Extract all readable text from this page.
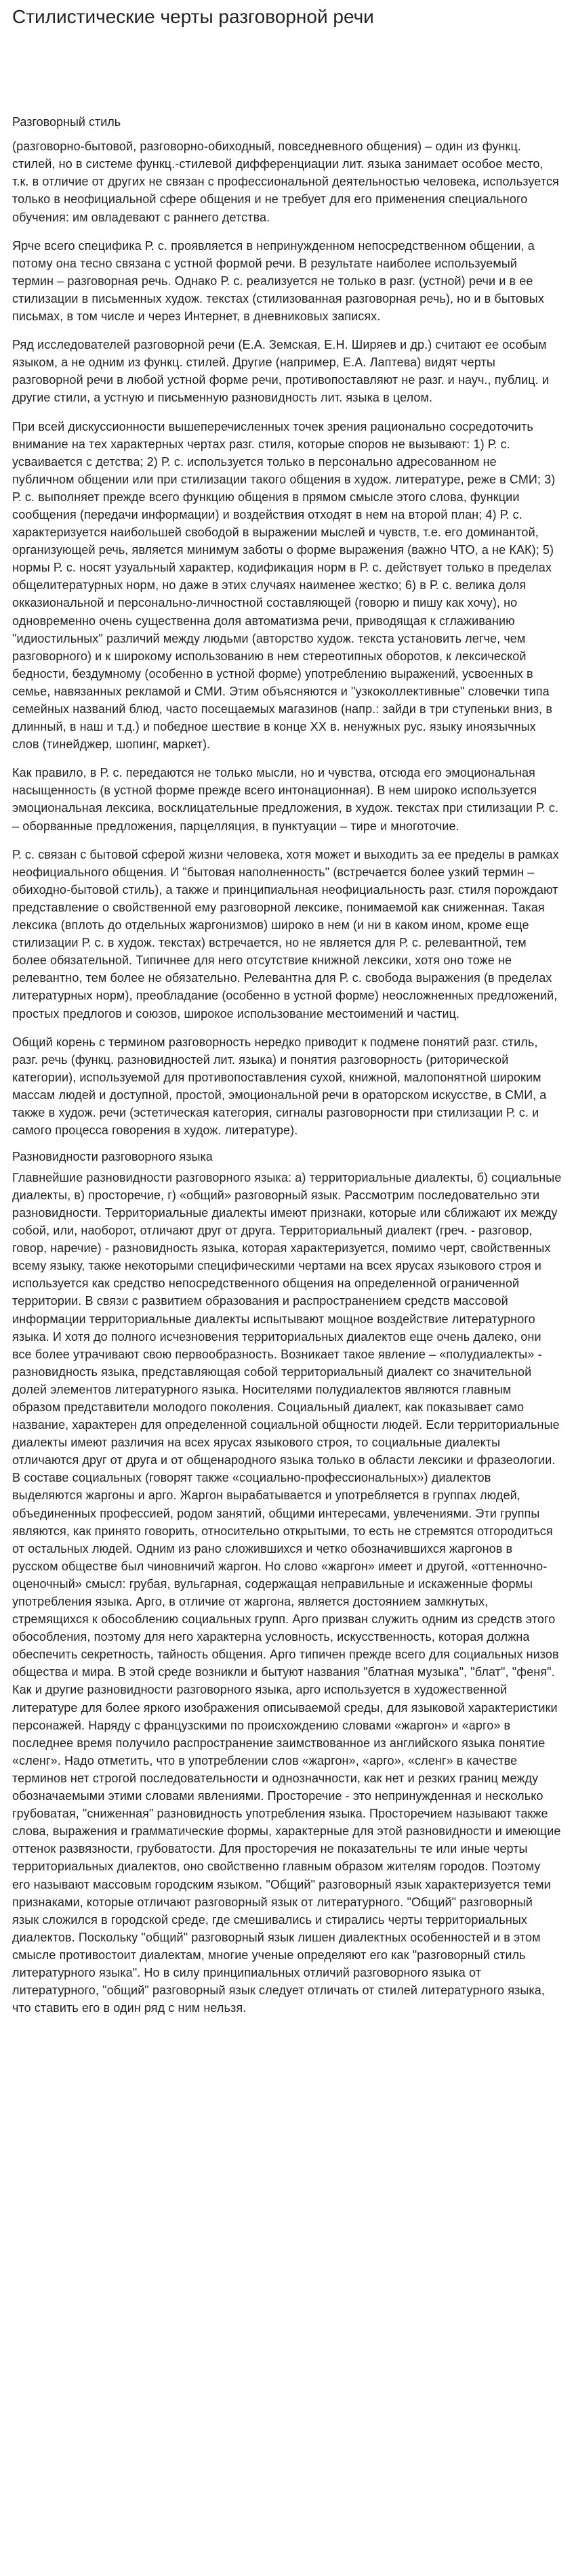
Стилистические черты разговорной речи
Разговорный стиль

(разговорно-бытовой, разговорно-обиходный, повседневного общения) – один из функц. стилей, но в системе функц.-стилевой дифференциации лит. языка занимает особое место, т.к. в отличие от других не связан с профессиональной деятельностью человека, используется только в неофициальной сфере общения и не требует для его применения специального обучения: им овладевают с раннего детства.

Ярче всего специфика Р. с. проявляется в непринужденном непосредственном общении, а потому она тесно связана с устной формой речи. В результате наиболее используемый термин – разговорная речь. Однако Р. с. реализуется не только в разг. (устной) речи и в ее стилизации в письменных худож. текстах (стилизованная разговорная речь), но и в бытовых письмах, в том числе и через Интернет, в дневниковых записях.

Ряд исследователей разговорной речи (Е.А. Земская, Е.Н. Ширяев и др.) считают ее особым языком, а не одним из функц. стилей. Другие (например, Е.А. Лаптева) видят черты разговорной речи в любой устной форме речи, противопоставляют не разг. и науч., публиц. и другие стили, а устную и письменную разновидность лит. языка в целом.

При всей дискуссионности вышеперечисленных точек зрения рационально сосредоточить внимание на тех характерных чертах разг. стиля, которые споров не вызывают: 1) Р. с. усваивается с детства; 2) Р. с. используется только в персонально адресованном не публичном общении или при стилизации такого общения в худож. литературе, реже в СМИ; 3) Р. с. выполняет прежде всего функцию общения в прямом смысле этого слова, функции сообщения (передачи информации) и воздействия отходят в нем на второй план; 4) Р. с. характеризуется наибольшей свободой в выражении мыслей и чувств, т.е. его доминантой, организующей речь, является минимум заботы о форме выражения (важно ЧТО, а не КАК); 5) нормы Р. с. носят узуальный характер, кодификация норм в Р. с. действует только в пределах общелитературных норм, но даже в этих случаях наименее жестко; 6) в Р. с. велика доля окказиональной и персонально-личностной составляющей (говорю и пишу как хочу), но одновременно очень существенна доля автоматизма речи, приводящая к сглаживанию "идиостильных" различий между людьми (авторство худож. текста установить легче, чем разговорного) и к широкому использованию в нем стереотипных оборотов, к лексической бедности, бездумному (особенно в устной форме) употреблению выражений, усвоенных в семье, навязанных рекламой и СМИ. Этим объясняются и "узкоколлективные" словечки типа семейных названий блюд, часто посещаемых магазинов (напр.: зайди в три ступеньки вниз, в длинный, в наш и т.д.) и победное шествие в конце XX в. ненужных рус. языку иноязычных слов (тинейджер, шопинг, маркет).

Как правило, в Р. с. передаются не только мысли, но и чувства, отсюда его эмоциональная насыщенность (в устной форме прежде всего интонационная). В нем широко используется эмоциональная лексика, восклицательные предложения, в худож. текстах при стилизации Р. с. – оборванные предложения, парцелляция, в пунктуации – тире и многоточие.

Р. с. связан с бытовой сферой жизни человека, хотя может и выходить за ее пределы в рамках неофициального общения. И "бытовая наполненность" (встречается более узкий термин – обиходно-бытовой стиль), а также и принципиальная неофициальность разг. стиля порождают представление о свойственной ему разговорной лексике, понимаемой как сниженная. Такая лексика (вплоть до отдельных жаргонизмов) широко в нем (и ни в каком ином, кроме еще стилизации Р. с. в худож. текстах) встречается, но не является для Р. с. релевантной, тем более обязательной. Типичнее для него отсутствие книжной лексики, хотя оно тоже не релевантно, тем более не обязательно. Релевантна для Р. с. свобода выражения (в пределах литературных норм), преобладание (особенно в устной форме) неосложненных предложений, простых предлогов и союзов, широкое использование местоимений и частиц.

Общий корень с термином разговорность нередко приводит к подмене понятий разг. стиль, разг. речь (функц. разновидностей лит. языка) и понятия разговорность (риторической категории), используемой для противопоставления сухой, книжной, малопонятной широким массам людей и доступной, простой, эмоциональной речи в ораторском искусстве, в СМИ, а также в худож. речи (эстетическая категория, сигналы разговорности при стилизации Р. с. и самого процесса говорения в худож. литературе).

Разновидности разговорного языка

Главнейшие разновидности разговорного языка: а) территориальные диалекты, б) социальные диалекты, в) просторечие, г) «общий» разговорный язык. Рассмотрим последовательно эти разновидности. Территориальные диалекты имеют признаки, которые или сближают их между собой, или, наоборот, отличают друг от друга. Территориальный диалект (греч. - разговор, говор, наречие) - разновидность языка, которая характеризуется, помимо черт, свойственных всему языку, также некоторыми специфическими чертами на всех ярусах языкового строя и используется как средство непосредственного общения на определенной ограниченной территории. В связи с развитием образования и распространением средств массовой информации территориальные диалекты испытывают мощное воздействие литературного языка. И хотя до полного исчезновения территориальных диалектов еще очень далеко, они все более утрачивают свою первообразность. Возникает такое явление – «полудиалекты» - разновидность языка, представляющая собой территориальный диалект со значительной долей элементов литературного языка. Носителями полудиалектов являются главным образом представители молодого поколения. Социальный диалект, как показывает само название, характерен для определенной социальной общности людей. Если территориальные диалекты имеют различия на всех ярусах языкового строя, то социальные диалекты отличаются друг от друга и от общенародного языка только в области лексики и фразеологии. В составе социальных (говорят также «социально-профессиональных») диалектов выделяются жаргоны и арго. Жаргон вырабатывается и употребляется в группах людей, объединенных профессией, родом занятий, общими интересами, увлечениями. Эти группы являются, как принято говорить, относительно открытыми, то есть не стремятся отгородиться от остальных людей. Одним из рано сложившихся и четко обозначившихся жаргонов в русском обществе был чиновничий жаргон. Но слово «жаргон» имеет и другой, «оттенночно-оценочный» смысл: грубая, вульгарная, содержащая неправильные и искаженные формы употребления языка. Арго, в отличие от жаргона, является достоянием замкнутых, стремящихся к обособлению социальных групп. Арго призван служить одним из средств этого обособления, поэтому для него характерна условность, искусственность, которая должна обеспечить секретность, тайность общения. Арго типичен прежде всего для социальных низов общества и мира. В этой среде возникли и бытуют названия "блатная музыка", "блат", "феня". Как и другие разновидности разговорного языка, арго используется в художественной литературе для более яркого изображения описываемой среды, для языковой характеристики персонажей. Наряду с французскими по происхождению словами «жаргон» и «арго» в последнее время получило распространение заимствованное из английского языка понятие «сленг». Надо отметить, что в употреблении слов «жаргон», «арго», «сленг» в качестве терминов нет строгой последовательности и однозначности, как нет и резких границ между обозначаемыми этими словами явлениями. Просторечие - это непринужденная и несколько грубоватая, "сниженная" разновидность употребления языка. Просторечием называют также слова, выражения и грамматические формы, характерные для этой разновидности и имеющие оттенок развязности, грубоватости. Для просторечия не показательны те или иные черты территориальных диалектов, оно свойственно главным образом жителям городов. Поэтому его называют массовым городским языком. "Общий" разговорный язык характеризуется теми признаками, которые отличают разговорный язык от литературного. "Общий" разговорный язык сложился в городской среде, где смешивались и стирались черты территориальных диалектов. Поскольку "общий" разговорный язык лишен диалектных особенностей и в этом смысле противостоит диалектам, многие ученые определяют его как "разговорный стиль литературного языка". Но в силу принципиальных отличий разговорного языка от литературного, "общий" разговорный язык следует отличать от стилей литературного языка, что ставить его в один ряд с ним нельзя.
